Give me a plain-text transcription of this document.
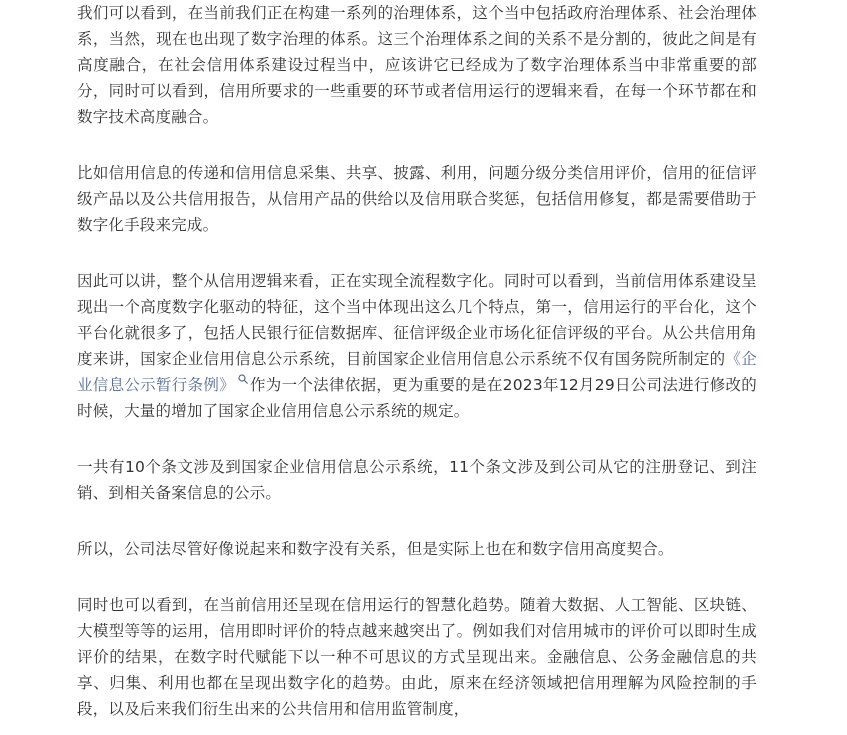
我们可以看到，在当前我们正在构建一系列的治理体系，这个当中包括政府治理体系、社会治理体系，当然，现在也出现了数字治理的体系。这三个治理体系之间的关系不是分割的，彼此之间是有高度融合，在社会信用体系建设过程当中，应该讲它已经成为了数字治理体系当中非常重要的部分，同时可以看到，信用所要求的一些重要的环节或者信用运行的逻辑来看，在每一个环节都在和数字技术高度融合。

比如信用信息的传递和信用信息采集、共享、披露、利用，问题分级分类信用评价，信用的征信评级产品以及公共信用报告，从信用产品的供给以及信用联合奖惩，包括信用修复，都是需要借助于数字化手段来完成。

因此可以讲，整个从信用逻辑来看，正在实现全流程数字化。同时可以看到，当前信用体系建设呈现出一个高度数字化驱动的特征，这个当中体现出这么几个特点，第一，信用运行的平台化，这个平台化就很多了，包括人民银行征信数据库、征信评级企业市场化征信评级的平台。从公共信用角度来讲，国家企业信用信息公示系统，目前国家企业信用信息公示系统不仅有国务院所制定的《企业信息公示暂行条例》 作为一个法律依据，更为重要的是在2023年12月29日公司法进行修改的时候，大量的增加了国家企业信用信息公示系统的规定。

一共有10个条文涉及到国家企业信用信息公示系统，11个条文涉及到公司从它的注册登记、到注销、到相关备案信息的公示。

所以，公司法尽管好像说起来和数字没有关系，但是实际上也在和数字信用高度契合。

同时也可以看到，在当前信用还呈现在信用运行的智慧化趋势。随着大数据、人工智能、区块链、大模型等等的运用，信用即时评价的特点越来越突出了。例如我们对信用城市的评价可以即时生成评价的结果，在数字时代赋能下以一种不可思议的方式呈现出来。金融信息、公务金融信息的共享、归集、利用也都在呈现出数字化的趋势。由此，原来在经济领域把信用理解为风险控制的手段，以及后来我们衍生出来的公共信用和信用监管制度，
